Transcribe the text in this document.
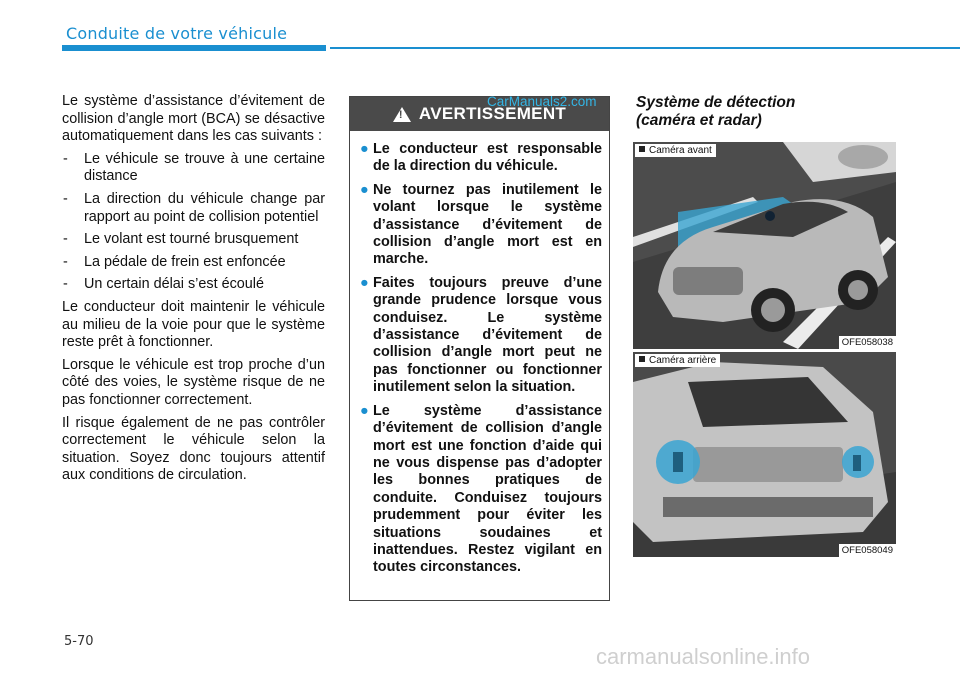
Conduite de votre véhicule

Le système d’assistance d’évitement de collision d’angle mort (BCA) se désactive automatiquement dans les cas suivants :

- Le véhicule se trouve à une certaine distance
- La direction du véhicule change par rapport au point de collision potentiel
- Le volant est tourné brusquement
- La pédale de frein est enfoncée
- Un certain délai s’est écoulé

Le conducteur doit maintenir le véhicule au milieu de la voie pour que le système reste prêt à fonctionner.

Lorsque le véhicule est trop proche d’un côté des voies, le système risque de ne pas fonctionner correctement.

Il risque également de ne pas contrôler correctement le véhicule selon la situation. Soyez donc toujours attentif aux conditions de circulation.

! AVERTISSEMENT
● Le conducteur est responsable de la direction du véhicule.
● Ne tournez pas inutilement le volant lorsque le système d’assistance d’évitement de collision d’angle mort est en marche.
● Faites toujours preuve d’une grande prudence lorsque vous conduisez. Le système d’assistance d’évitement de collision d’angle mort peut ne pas fonctionner ou fonctionner inutilement selon la situation.
● Le système d’assistance d’évitement de collision d’angle mort est une fonction d’aide qui ne vous dispense pas d’adopter les bonnes pratiques de conduite. Conduisez toujours prudemment pour éviter les situations soudaines et inattendues. Restez vigilant en toutes circonstances.
CarManuals2.com	Système de détection
(caméra et radar)
Caméra avant
OFE058038
Caméra arrière
OFE058049
5-70
carmanualsonline.info
